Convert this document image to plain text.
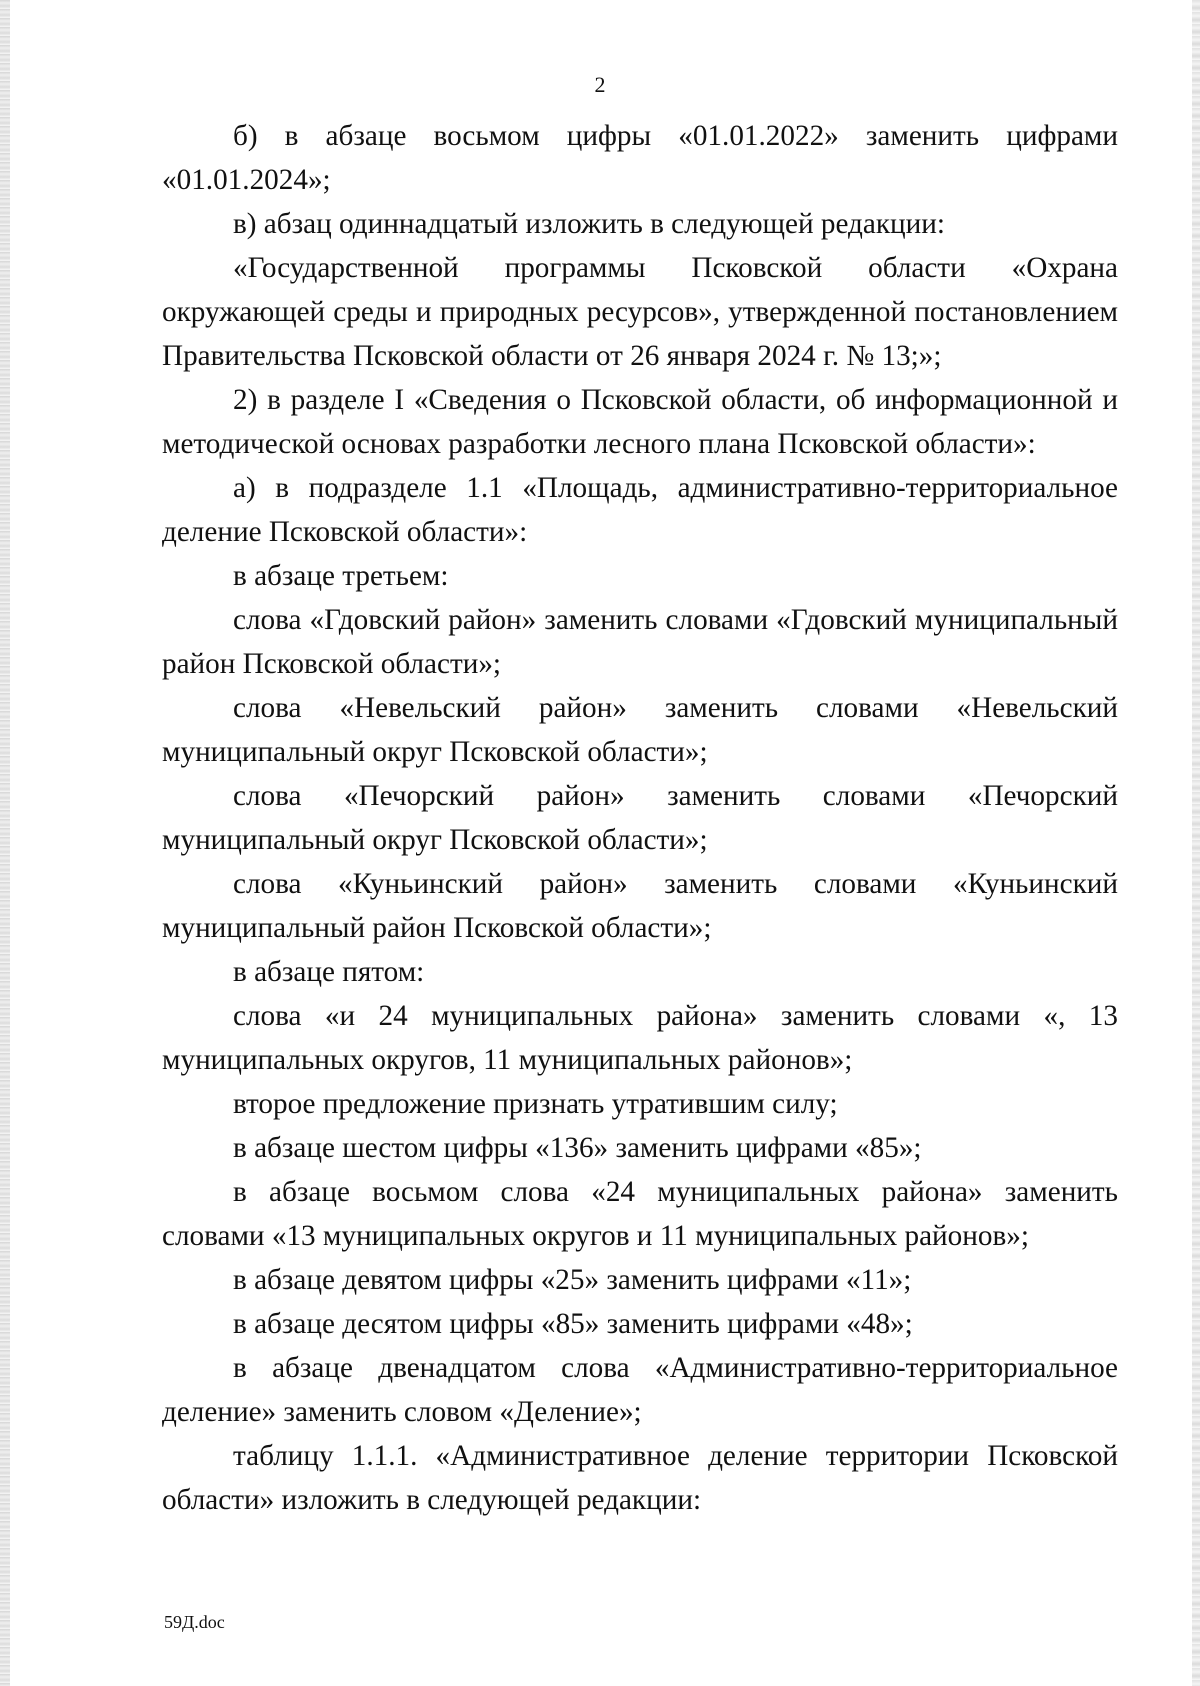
2

б) в абзаце восьмом цифры «01.01.2022» заменить цифрами «01.01.2024»;

в) абзац одиннадцатый изложить в следующей редакции:

«Государственной программы Псковской области «Охрана окружающей среды и природных ресурсов», утвержденной постановлением Правительства Псковской области от 26 января 2024 г. № 13;»;

2) в разделе I «Сведения о Псковской области, об информационной и методической основах разработки лесного плана Псковской области»:

а) в подразделе 1.1 «Площадь, административно-территориальное деление Псковской области»:

в абзаце третьем:

слова «Гдовский район» заменить словами «Гдовский муниципальный район Псковской области»;

слова «Невельский район» заменить словами «Невельский муниципальный округ Псковской области»;

слова «Печорский район» заменить словами «Печорский муниципальный округ Псковской области»;

слова «Куньинский район» заменить словами «Куньинский муниципальный район Псковской области»;

в абзаце пятом:

слова «и 24 муниципальных района» заменить словами «, 13 муниципальных округов, 11 муниципальных районов»;

второе предложение признать утратившим силу;

в абзаце шестом цифры «136» заменить цифрами «85»;

в абзаце восьмом слова «24 муниципальных района» заменить словами «13 муниципальных округов и 11 муниципальных районов»;

в абзаце девятом цифры «25» заменить цифрами «11»;

в абзаце десятом цифры «85» заменить цифрами «48»;

в абзаце двенадцатом слова «Административно-территориальное деление» заменить словом «Деление»;

таблицу 1.1.1. «Административное деление территории Псковской области» изложить в следующей редакции:

59Д.doc
